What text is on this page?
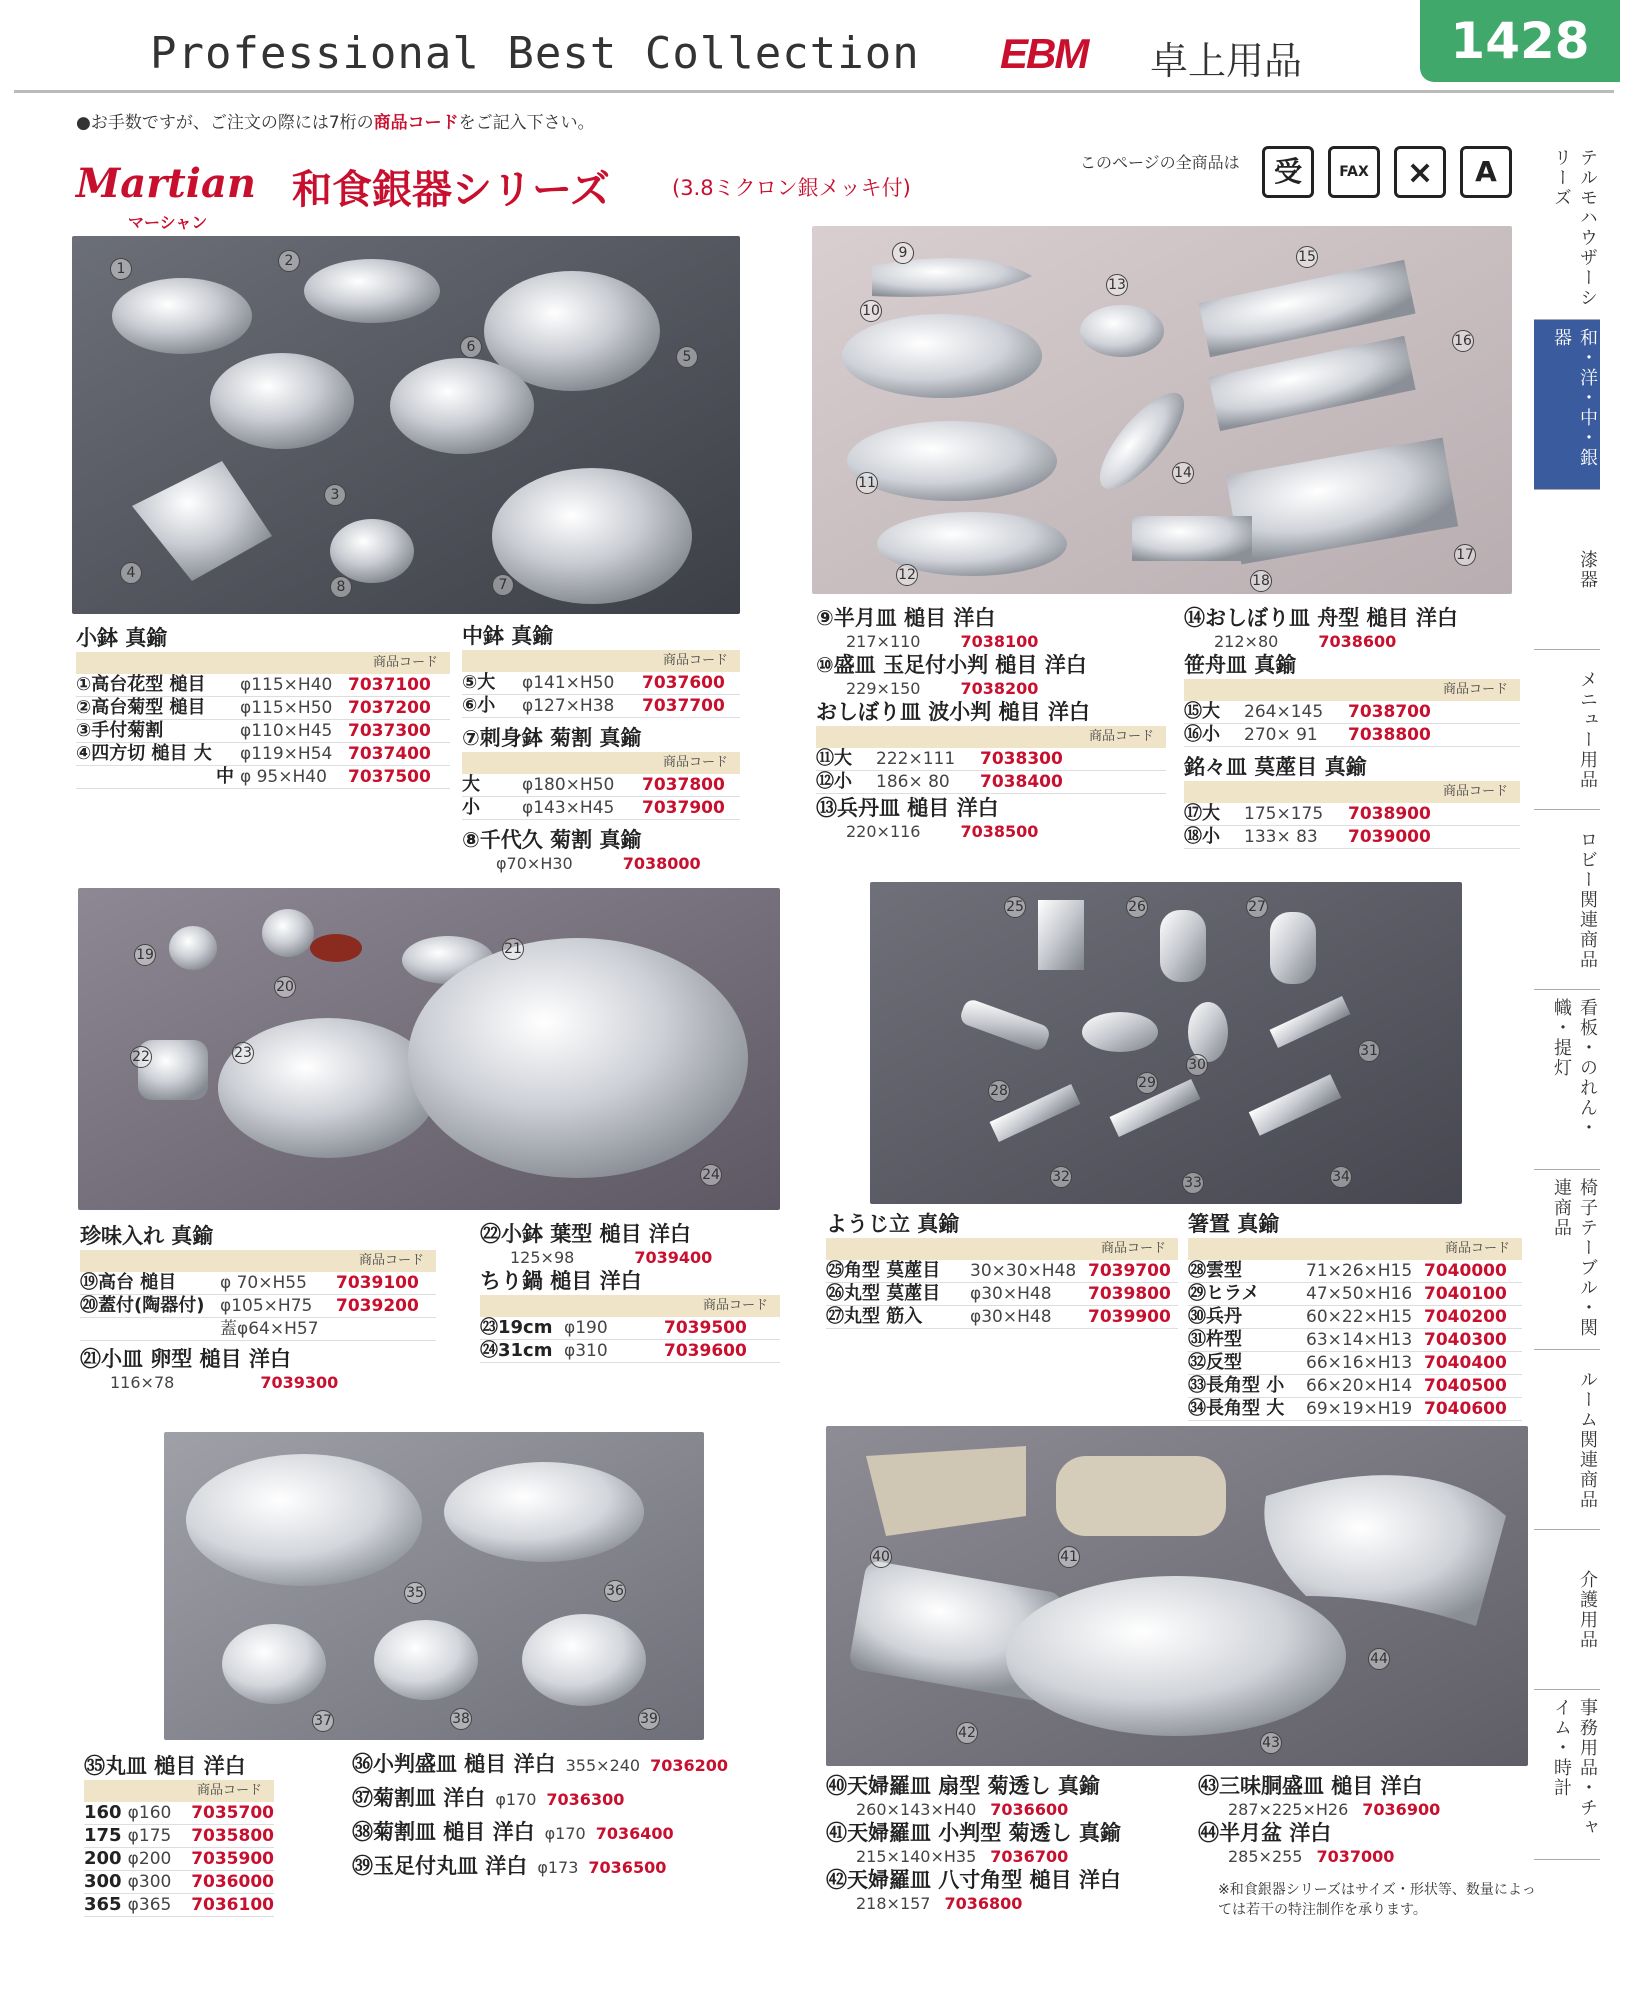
Professional Best Collection EBM 卓上用品	1428
●お手数ですが、ご注文の際には7桁の商品コードをご記入下さい。
Martian
マーシャン
和食銀器シリーズ	(3.8ミクロン銀メッキ付)
このページの全商品は	受	FAX	×	A	テルモハウザーシリーズ
和・洋・中・銀器
漆器
メニュー用品
ロビー関連商品
看板・のれん・幟・提灯
椅子テーブル・関連商品
ルーム関連商品
介護用品
事務用品・チャイム・時計
1	2
3
4
5
6
7
8
9
10
11
12
13
14
15
16
17
18
小鉢 真鍮
商品コード
①高台花型 槌目	φ115×H40 7037100
②高台菊型 槌目	φ115×H50 7037200
③手付菊割	φ110×H45 7037300
④四方切 槌目 大	φ119×H54 7037400
中 φ 95×H40	7037500
中鉢 真鍮
商品コード
⑤大	φ141×H50	7037600
⑥小	φ127×H38	7037700
⑦刺身鉢 菊割 真鍮
商品コード
大	φ180×H50	7037800
小	φ143×H45	7037900
⑧千代久 菊割 真鍮
φ70×H30	7038000
⑨半月皿 槌目 洋白
217×110	7038100
⑩盛皿 玉足付小判 槌目 洋白
229×150	7038200
おしぼり皿 波小判 槌目 洋白
商品コード
⑪大	222×111	7038300
⑫小	186× 80	7038400
⑬兵丹皿 槌目 洋白
220×116	7038500
⑭おしぼり皿 舟型 槌目 洋白
212×80	7038600
笹舟皿 真鍮
商品コード
⑮大	264×145	7038700
⑯小	270× 91	7038800
銘々皿 茣蓙目 真鍮
商品コード
⑰大	175×175	7038900
⑱小	133× 83	7039000
19
20
21
22	23
24
25	26	27
28	29
30
31
32	33	34
珍味入れ 真鍮
商品コード
⑲高台 槌目	φ 70×H55	7039100
⑳蓋付(陶器付) φ105×H75	7039200
蓋φ64×H57
㉑小皿 卵型 槌目 洋白
116×78	7039300
㉒小鉢 葉型 槌目 洋白
125×98	7039400
ちり鍋 槌目 洋白
商品コード
㉓19cm φ190	7039500
㉔31cm φ310	7039600
ようじ立 真鍮
商品コード
㉕角型 茣蓙目	30×30×H48 7039700
㉖丸型 茣蓙目	φ30×H48	7039800
㉗丸型 筋入	φ30×H48	7039900
箸置 真鍮
商品コード
㉘雲型	71×26×H15 7040000
㉙ヒラメ	47×50×H16 7040100
㉚兵丹	60×22×H15 7040200
㉛杵型	63×14×H13 7040300
㉜反型	66×16×H13 7040400
㉝長角型 小	66×20×H14 7040500
㉞長角型 大	69×19×H19 7040600
35	36
37	38	39
40	41
42
43
44
㉟丸皿 槌目 洋白
商品コード
160 φ160	7035700
175 φ175	7035800
200 φ200	7035900
300 φ300	7036000
365 φ365	7036100
㊱小判盛皿 槌目 洋白 355×240 7036200
㊲菊割皿 洋白 φ170 7036300
㊳菊割皿 槌目 洋白 φ170 7036400
㊴玉足付丸皿 洋白 φ173 7036500
㊵天婦羅皿 扇型 菊透し 真鍮
260×143×H40 7036600
㊶天婦羅皿 小判型 菊透し 真鍮
215×140×H35 7036700
㊷天婦羅皿 八寸角型 槌目 洋白
218×157 7036800
㊸三味胴盛皿 槌目 洋白
287×225×H26 7036900
㊹半月盆 洋白
285×255 7037000
※和食銀器シリーズはサイズ・形状等、数量によっては若干の特注制作を承ります。
